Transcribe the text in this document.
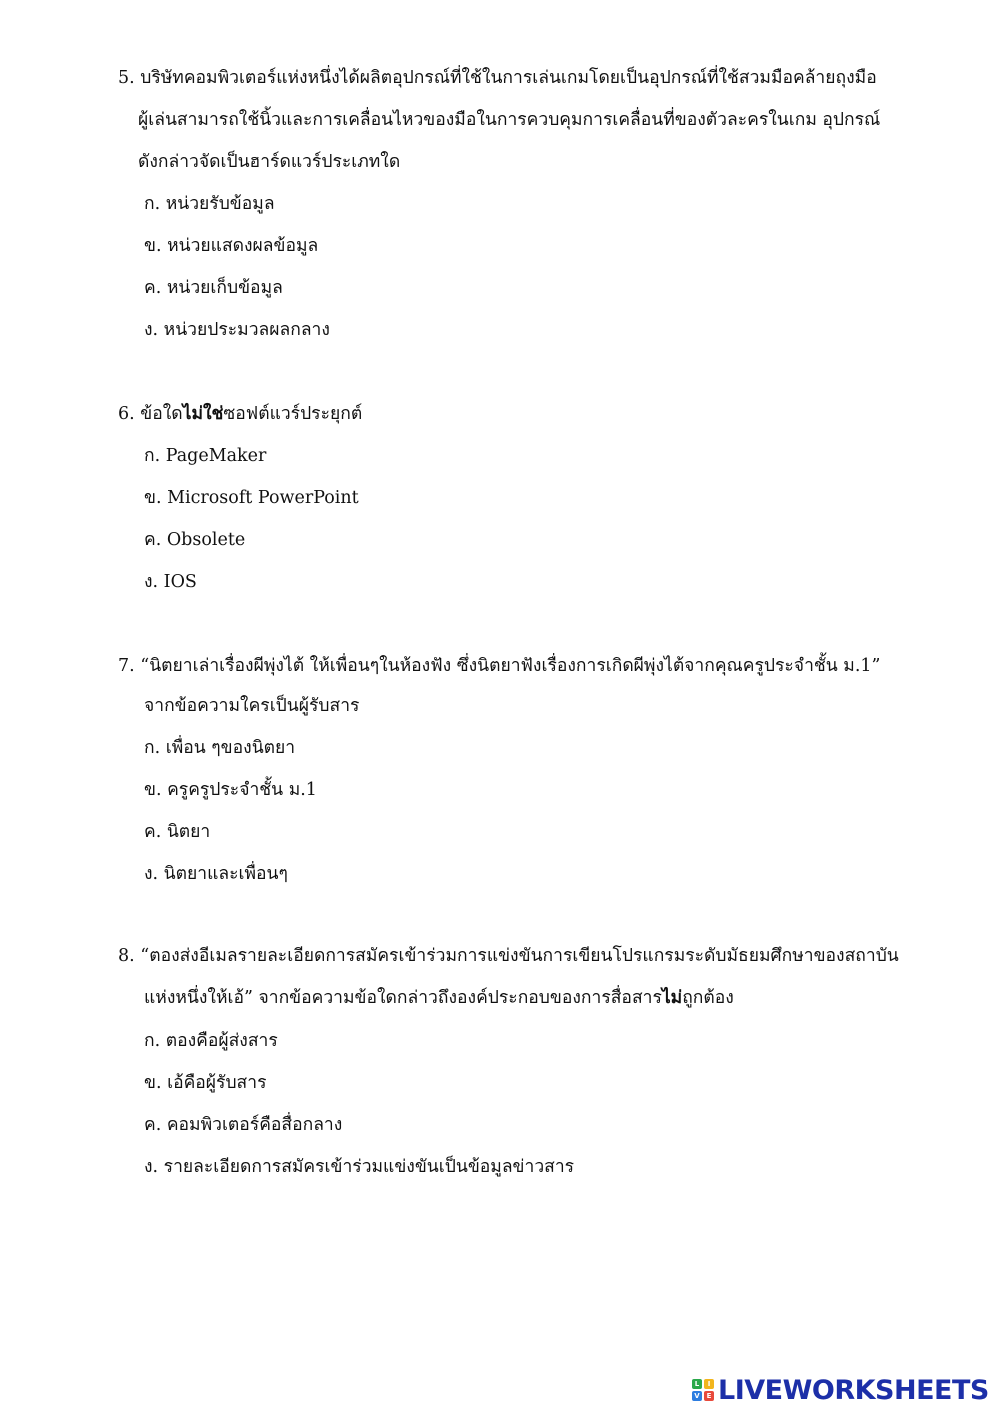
5. บริษัทคอมพิวเตอร์แห่งหนึ่งได้ผลิตอุปกรณ์ที่ใช้ในการเล่นเกมโดยเป็นอุปกรณ์ที่ใช้สวมมือคล้ายถุงมือ
ผู้เล่นสามารถใช้นิ้วและการเคลื่อนไหวของมือในการควบคุมการเคลื่อนที่ของตัวละครในเกม อุปกรณ์
ดังกล่าวจัดเป็นฮาร์ดแวร์ประเภทใด
ก. หน่วยรับข้อมูล
ข. หน่วยแสดงผลข้อมูล
ค. หน่วยเก็บข้อมูล
ง. หน่วยประมวลผลกลาง
6. ข้อใดไม่ใช่ซอฟต์แวร์ประยุกต์
ก. PageMaker
ข. Microsoft PowerPoint
ค. Obsolete
ง. IOS
7. “นิตยาเล่าเรื่องผีพุ่งไต้ ให้เพื่อนๆในห้องฟัง ซึ่งนิตยาฟังเรื่องการเกิดผีพุ่งไต้จากคุณครูประจำชั้น ม.1”
จากข้อความใครเป็นผู้รับสาร
ก. เพื่อน ๆของนิตยา
ข. ครูครูประจำชั้น ม.1
ค. นิตยา
ง. นิตยาและเพื่อนๆ
8. “ตองส่งอีเมลรายละเอียดการสมัครเข้าร่วมการแข่งขันการเขียนโปรแกรมระดับมัธยมศึกษาของสถาบัน
แห่งหนึ่งให้เอ้” จากข้อความข้อใดกล่าวถึงองค์ประกอบของการสื่อสารไม่ถูกต้อง
ก. ตองคือผู้ส่งสาร
ข. เอ้คือผู้รับสาร
ค. คอมพิวเตอร์คือสื่อกลาง
ง. รายละเอียดการสมัครเข้าร่วมแข่งขันเป็นข้อมูลข่าวสาร
L	I
V E LIVEWORKSHEETS
